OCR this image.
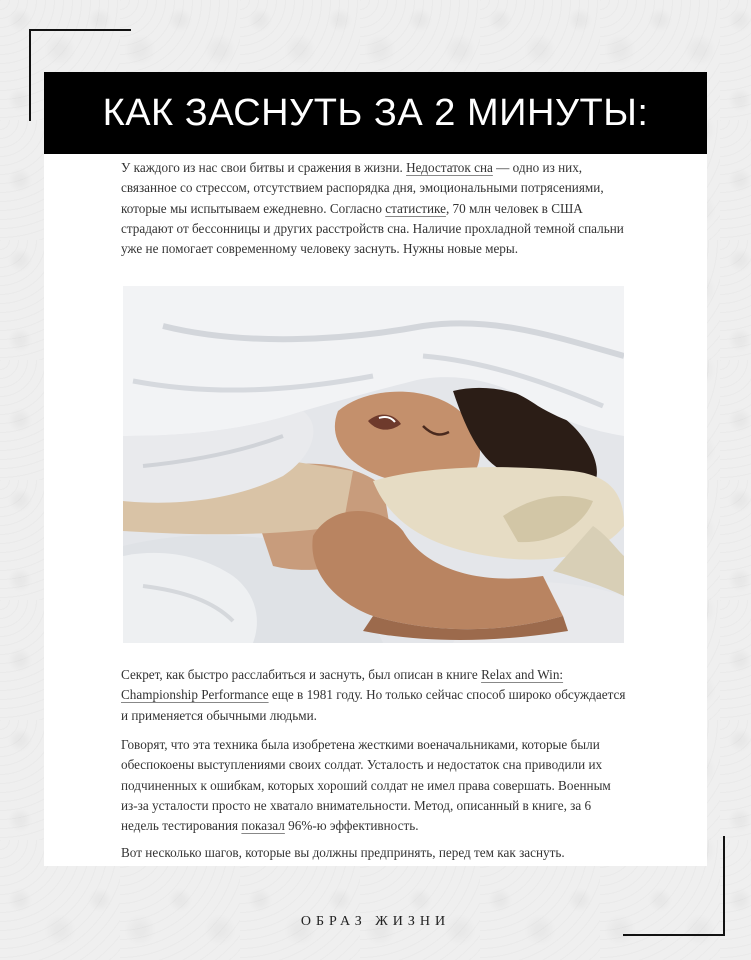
КАК ЗАСНУТЬ ЗА 2 МИНУТЫ:

У каждого из нас свои битвы и сражения в жизни. Недостаток сна — одно из них, связанное со стрессом, отсутствием распорядка дня, эмоциональными потрясениями, которые мы испытываем ежедневно. Согласно статистике, 70 млн человек в США страдают от бессонницы и других расстройств сна. Наличие прохладной темной спальни уже не помогает современному человеку заснуть. Нужны новые меры.

Секрет, как быстро расслабиться и заснуть, был описан в книге Relax and Win: Championship Performance еще в 1981 году. Но только сейчас способ широко обсуждается и применяется обычными людьми.

Говорят, что эта техника была изобретена жесткими военачальниками, которые были обеспокоены выступлениями своих солдат. Усталость и недостаток сна приводили их подчиненных к ошибкам, которых хороший солдат не имел права совершать. Военным из-за усталости просто не хватало внимательности. Метод, описанный в книге, за 6 недель тестирования показал 96%-ю эффективность.

Вот несколько шагов, которые вы должны предпринять, перед тем как заснуть.

ОБРАЗ ЖИЗНИ
